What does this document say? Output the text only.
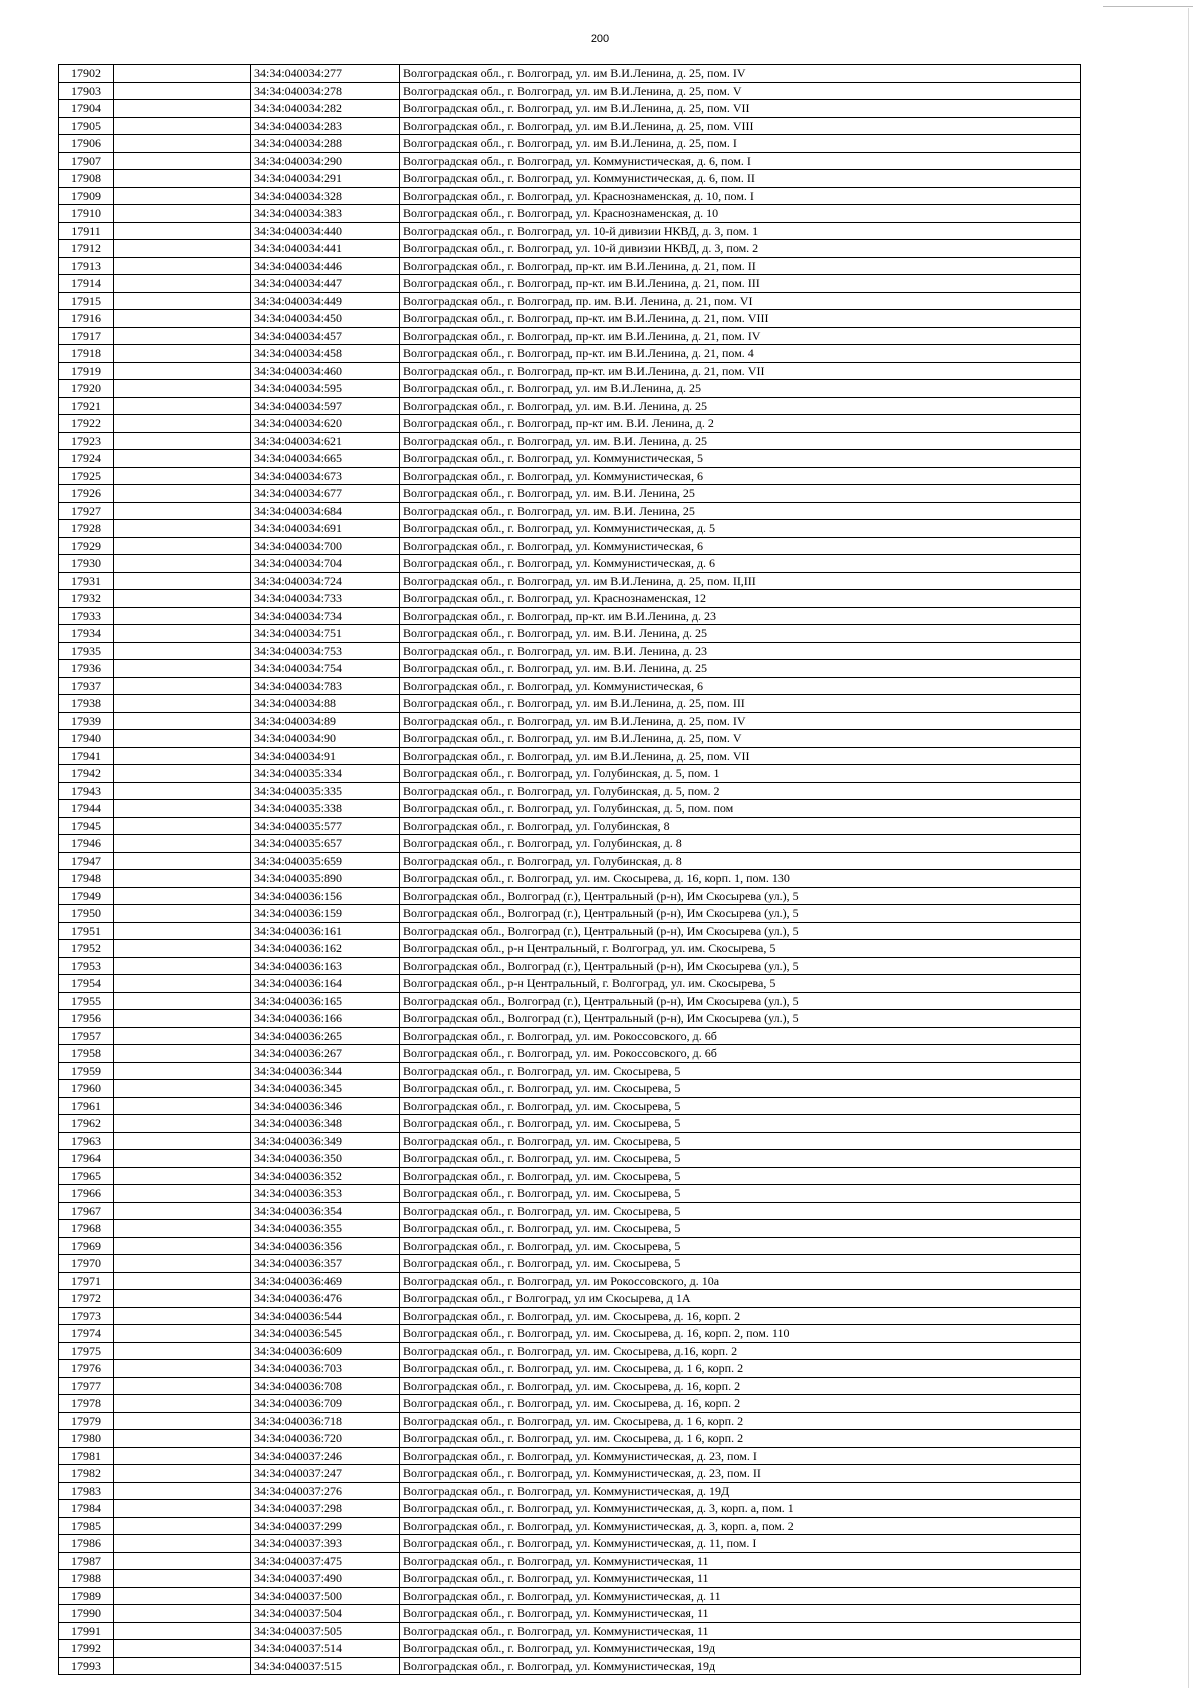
200
17902		34:34:040034:277	Волгоградская обл., г. Волгоград, ул. им В.И.Ленина, д. 25, пом. IV
17903		34:34:040034:278	Волгоградская обл., г. Волгоград, ул. им В.И.Ленина, д. 25, пом. V
17904		34:34:040034:282	Волгоградская обл., г. Волгоград, ул. им В.И.Ленина, д. 25, пом. VII
17905		34:34:040034:283	Волгоградская обл., г. Волгоград, ул. им В.И.Ленина, д. 25, пом. VIII
17906		34:34:040034:288	Волгоградская обл., г. Волгоград, ул. им В.И.Ленина, д. 25, пом. I
17907		34:34:040034:290	Волгоградская обл., г. Волгоград, ул. Коммунистическая, д. 6, пом. I
17908		34:34:040034:291	Волгоградская обл., г. Волгоград, ул. Коммунистическая, д. 6, пом. II
17909		34:34:040034:328	Волгоградская обл., г. Волгоград, ул. Краснознаменская, д. 10, пом. I
17910		34:34:040034:383	Волгоградская обл., г. Волгоград, ул. Краснознаменская, д. 10
17911		34:34:040034:440	Волгоградская обл., г. Волгоград, ул. 10-й дивизии НКВД, д. 3, пом. 1
17912		34:34:040034:441	Волгоградская обл., г. Волгоград, ул. 10-й дивизии НКВД, д. 3, пом. 2
17913		34:34:040034:446	Волгоградская обл., г. Волгоград, пр-кт. им В.И.Ленина, д. 21, пом. II
17914		34:34:040034:447	Волгоградская обл., г. Волгоград, пр-кт. им В.И.Ленина, д. 21, пом. III
17915		34:34:040034:449	Волгоградская обл., г. Волгоград, пр. им. В.И. Ленина, д. 21, пом. VI
17916		34:34:040034:450	Волгоградская обл., г. Волгоград, пр-кт. им В.И.Ленина, д. 21, пом. VIII
17917		34:34:040034:457	Волгоградская обл., г. Волгоград, пр-кт. им В.И.Ленина, д. 21, пом. IV
17918		34:34:040034:458	Волгоградская обл., г. Волгоград, пр-кт. им В.И.Ленина, д. 21, пом. 4
17919		34:34:040034:460	Волгоградская обл., г. Волгоград, пр-кт. им В.И.Ленина, д. 21, пом. VII
17920		34:34:040034:595	Волгоградская обл., г. Волгоград, ул. им В.И.Ленина, д. 25
17921		34:34:040034:597	Волгоградская обл., г. Волгоград, ул. им. В.И. Ленина, д. 25
17922		34:34:040034:620	Волгоградская обл., г. Волгоград, пр-кт им. В.И. Ленина, д. 2
17923		34:34:040034:621	Волгоградская обл., г. Волгоград, ул. им. В.И. Ленина, д. 25
17924		34:34:040034:665	Волгоградская обл., г. Волгоград, ул. Коммунистическая, 5
17925		34:34:040034:673	Волгоградская обл., г. Волгоград, ул. Коммунистическая, 6
17926		34:34:040034:677	Волгоградская обл., г. Волгоград, ул. им. В.И. Ленина, 25
17927		34:34:040034:684	Волгоградская обл., г. Волгоград, ул. им. В.И. Ленина, 25
17928		34:34:040034:691	Волгоградская обл., г. Волгоград, ул. Коммунистическая, д. 5
17929		34:34:040034:700	Волгоградская обл., г. Волгоград, ул. Коммунистическая, 6
17930		34:34:040034:704	Волгоградская обл., г. Волгоград, ул. Коммунистическая, д. 6
17931		34:34:040034:724	Волгоградская обл., г. Волгоград, ул. им В.И.Ленина, д. 25, пом. II,III
17932		34:34:040034:733	Волгоградская обл., г. Волгоград, ул. Краснознаменская, 12
17933		34:34:040034:734	Волгоградская обл., г. Волгоград, пр-кт. им В.И.Ленина, д. 23
17934		34:34:040034:751	Волгоградская обл., г. Волгоград, ул. им. В.И. Ленина, д. 25
17935		34:34:040034:753	Волгоградская обл., г. Волгоград, ул. им. В.И. Ленина, д. 23
17936		34:34:040034:754	Волгоградская обл., г. Волгоград, ул. им. В.И. Ленина, д. 25
17937		34:34:040034:783	Волгоградская обл., г. Волгоград, ул. Коммунистическая, 6
17938		34:34:040034:88	Волгоградская обл., г. Волгоград, ул. им В.И.Ленина, д. 25, пом. III
17939		34:34:040034:89	Волгоградская обл., г. Волгоград, ул. им В.И.Ленина, д. 25, пом. IV
17940		34:34:040034:90	Волгоградская обл., г. Волгоград, ул. им В.И.Ленина, д. 25, пом. V
17941		34:34:040034:91	Волгоградская обл., г. Волгоград, ул. им В.И.Ленина, д. 25, пом. VII
17942		34:34:040035:334	Волгоградская обл., г. Волгоград, ул. Голубинская, д. 5, пом. 1
17943		34:34:040035:335	Волгоградская обл., г. Волгоград, ул. Голубинская, д. 5, пом. 2
17944		34:34:040035:338	Волгоградская обл., г. Волгоград, ул. Голубинская, д. 5, пом. пом
17945		34:34:040035:577	Волгоградская обл., г. Волгоград, ул. Голубинская, 8
17946		34:34:040035:657	Волгоградская обл., г. Волгоград, ул. Голубинская, д. 8
17947		34:34:040035:659	Волгоградская обл., г. Волгоград, ул. Голубинская, д. 8
17948		34:34:040035:890	Волгоградская обл., г. Волгоград, ул. им. Скосырева, д. 16, корп. 1, пом. 130
17949		34:34:040036:156	Волгоградская обл., Волгоград (г.), Центральный (р-н), Им Скосырева (ул.), 5
17950		34:34:040036:159	Волгоградская обл., Волгоград (г.), Центральный (р-н), Им Скосырева (ул.), 5
17951		34:34:040036:161	Волгоградская обл., Волгоград (г.), Центральный (р-н), Им Скосырева (ул.), 5
17952		34:34:040036:162	Волгоградская обл., р-н Центральный, г. Волгоград, ул. им. Скосырева, 5
17953		34:34:040036:163	Волгоградская обл., Волгоград (г.), Центральный (р-н), Им Скосырева (ул.), 5
17954		34:34:040036:164	Волгоградская обл., р-н Центральный, г. Волгоград, ул. им. Скосырева, 5
17955		34:34:040036:165	Волгоградская обл., Волгоград (г.), Центральный (р-н), Им Скосырева (ул.), 5
17956		34:34:040036:166	Волгоградская обл., Волгоград (г.), Центральный (р-н), Им Скосырева (ул.), 5
17957		34:34:040036:265	Волгоградская обл., г. Волгоград, ул. им. Рокоссовского, д. 6б
17958		34:34:040036:267	Волгоградская обл., г. Волгоград, ул. им. Рокоссовского, д. 6б
17959		34:34:040036:344	Волгоградская обл., г. Волгоград, ул. им. Скосырева, 5
17960		34:34:040036:345	Волгоградская обл., г. Волгоград, ул. им. Скосырева, 5
17961		34:34:040036:346	Волгоградская обл., г. Волгоград, ул. им. Скосырева, 5
17962		34:34:040036:348	Волгоградская обл., г. Волгоград, ул. им. Скосырева, 5
17963		34:34:040036:349	Волгоградская обл., г. Волгоград, ул. им. Скосырева, 5
17964		34:34:040036:350	Волгоградская обл., г. Волгоград, ул. им. Скосырева, 5
17965		34:34:040036:352	Волгоградская обл., г. Волгоград, ул. им. Скосырева, 5
17966		34:34:040036:353	Волгоградская обл., г. Волгоград, ул. им. Скосырева, 5
17967		34:34:040036:354	Волгоградская обл., г. Волгоград, ул. им. Скосырева, 5
17968		34:34:040036:355	Волгоградская обл., г. Волгоград, ул. им. Скосырева, 5
17969		34:34:040036:356	Волгоградская обл., г. Волгоград, ул. им. Скосырева, 5
17970		34:34:040036:357	Волгоградская обл., г. Волгоград, ул. им. Скосырева, 5
17971		34:34:040036:469	Волгоградская обл., г. Волгоград, ул. им Рокоссовского, д. 10а
17972		34:34:040036:476	Волгоградская обл., г Волгоград, ул им Скосырева, д 1А
17973		34:34:040036:544	Волгоградская обл., г. Волгоград, ул. им. Скосырева, д. 16, корп. 2
17974		34:34:040036:545	Волгоградская обл., г. Волгоград, ул. им. Скосырева, д. 16, корп. 2, пом. 110
17975		34:34:040036:609	Волгоградская обл., г. Волгоград, ул. им. Скосырева, д.16, корп. 2
17976		34:34:040036:703	Волгоградская обл., г. Волгоград, ул. им. Скосырева, д. 1 6, корп. 2
17977		34:34:040036:708	Волгоградская обл., г. Волгоград, ул. им. Скосырева, д. 16, корп. 2
17978		34:34:040036:709	Волгоградская обл., г. Волгоград, ул. им. Скосырева, д. 16, корп. 2
17979		34:34:040036:718	Волгоградская обл., г. Волгоград, ул. им. Скосырева, д. 1 6, корп. 2
17980		34:34:040036:720	Волгоградская обл., г. Волгоград, ул. им. Скосырева, д. 1 6, корп. 2
17981		34:34:040037:246	Волгоградская обл., г. Волгоград, ул. Коммунистическая, д. 23, пом. I
17982		34:34:040037:247	Волгоградская обл., г. Волгоград, ул. Коммунистическая, д. 23, пом. II
17983		34:34:040037:276	Волгоградская обл., г. Волгоград, ул. Коммунистическая, д. 19Д
17984		34:34:040037:298	Волгоградская обл., г. Волгоград, ул. Коммунистическая, д. 3, корп. а, пом. 1
17985		34:34:040037:299	Волгоградская обл., г. Волгоград, ул. Коммунистическая, д. 3, корп. а, пом. 2
17986		34:34:040037:393	Волгоградская обл., г. Волгоград, ул. Коммунистическая, д. 11, пом. I
17987		34:34:040037:475	Волгоградская обл., г. Волгоград, ул. Коммунистическая, 11
17988		34:34:040037:490	Волгоградская обл., г. Волгоград, ул. Коммунистическая, 11
17989		34:34:040037:500	Волгоградская обл., г. Волгоград, ул. Коммунистическая, д. 11
17990		34:34:040037:504	Волгоградская обл., г. Волгоград, ул. Коммунистическая, 11
17991		34:34:040037:505	Волгоградская обл., г. Волгоград, ул. Коммунистическая, 11
17992		34:34:040037:514	Волгоградская обл., г. Волгоград, ул. Коммунистическая, 19д
17993		34:34:040037:515	Волгоградская обл., г. Волгоград, ул. Коммунистическая, 19д
